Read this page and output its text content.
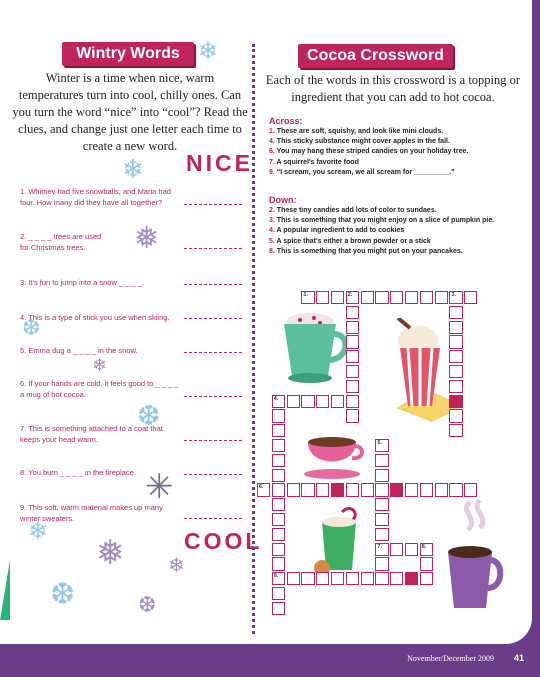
Wintry Words
Winter is a time when nice, warm temperatures turn into cool, chilly ones. Can you turn the word “nice” into “cool”? Read the clues, and change just one letter each time to create a new word.
NICE
1. Whitney had five snowballs, and Maria had four. How many did they have all together?
2. _ _ _ _ trees are used for Christmas trees.
3. It's fun to jump into a snow _ _ _ _.
4. This is a type of stick you use when skiing.
5. Emma dug a _ _ _ _ in the snow.
6. If your hands are cold, it feels good to _ _ _ _ a mug of hot cocoa.
7. This is something attached to a coat that keeps your head warm.
8. You burn _ _ _ _ in the fireplace.
9. This soft, warm material makes up many winter sweaters.
COOL
❄
❅
❆
❄
❆
✳
❄
❅
❆
❄
❄
❆
Cocoa Crossword
Each of the words in this crossword is a topping or ingredient that you can add to hot cocoa.
Across:
1. These are soft, squishy, and look like mini clouds.
4. This sticky substance might cover apples in the fall.
6. You may hang these striped candies on your holiday tree.
7. A squirrel's favorite food
9. “I scream, you scream, we all scream for _________.”
Down:
2. These tiny candies add lots of color to sundaes.
3. This is something that you might enjoy on a slice of pumpkin pie.
4. A popular ingredient to add to cookies
5. A spice that's either a brown powder or a stick
8. This is something that you might put on your pancakes.
1.	2.	3.
4.
9.
5.
7.
6.
8.
November/December 2009 41
